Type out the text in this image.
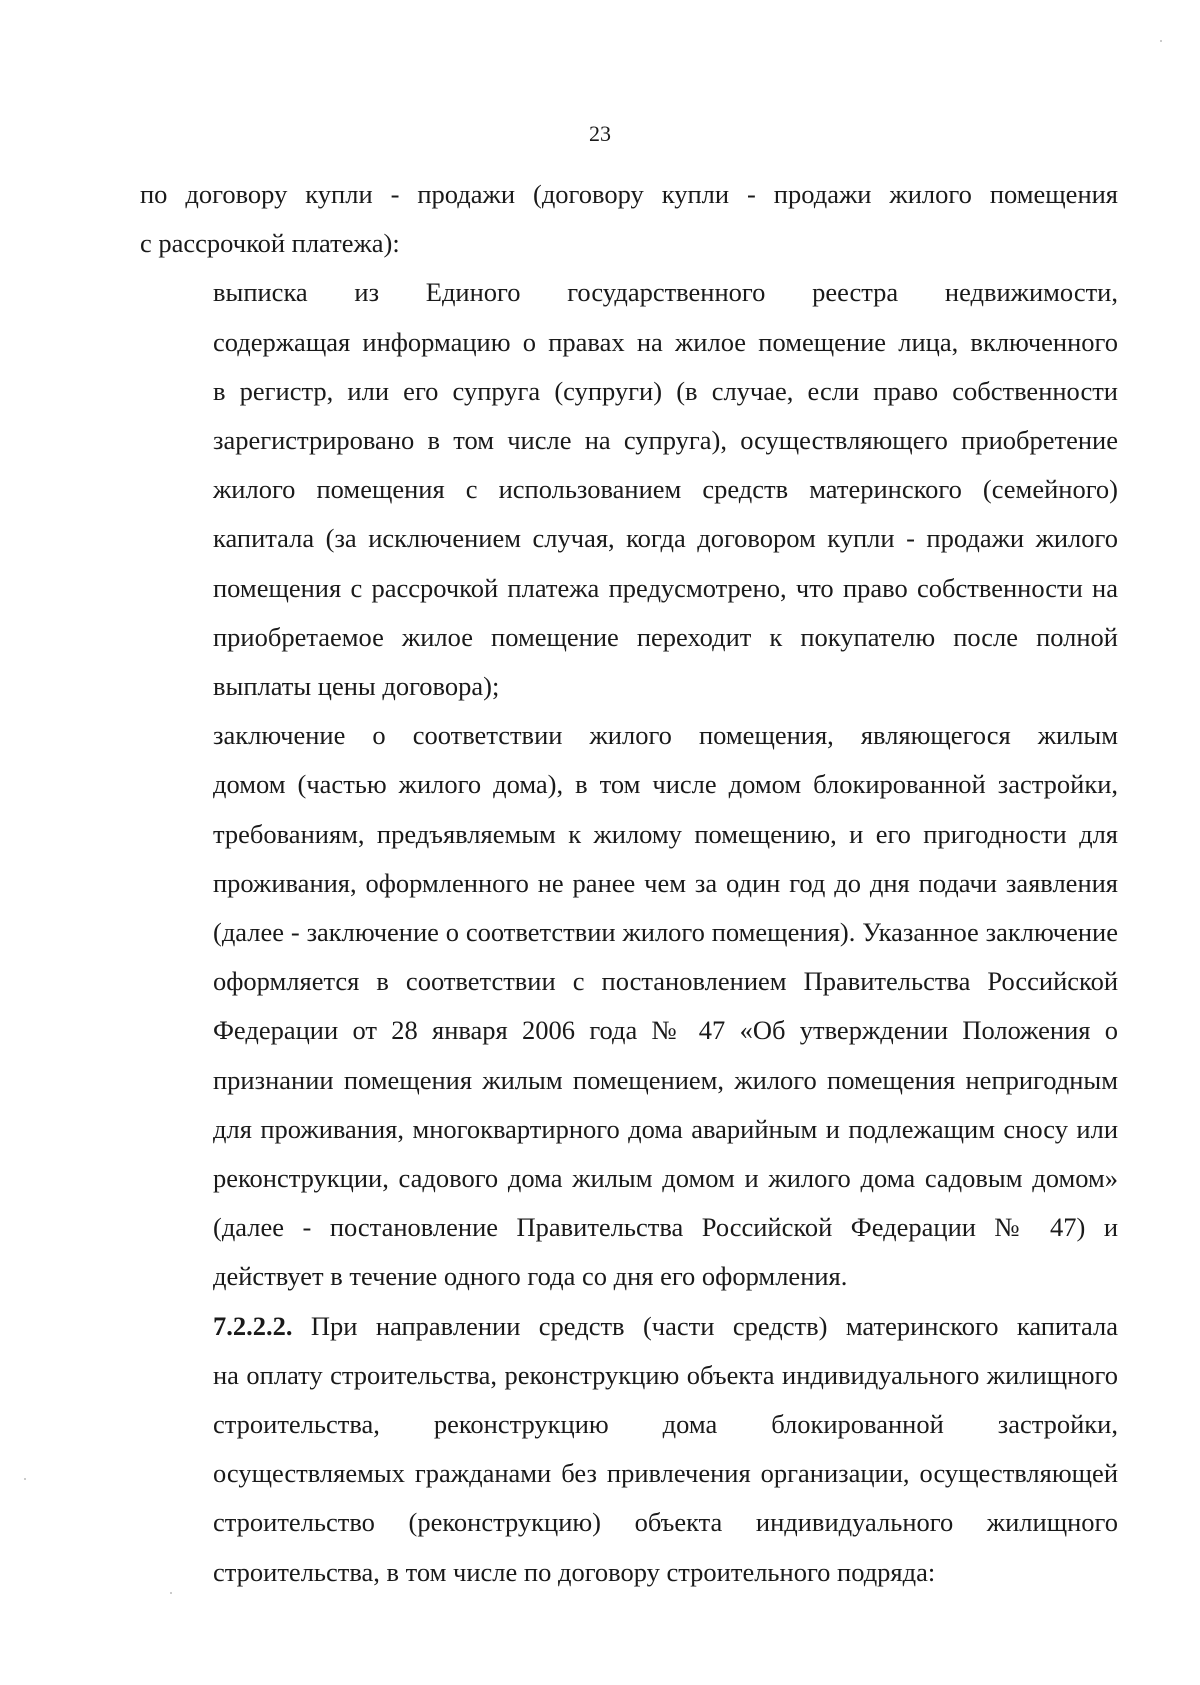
23

по договору купли - продажи (договору купли - продажи жилого помещения
с рассрочкой платежа):

выписка из Единого государственного реестра недвижимости,
содержащая информацию о правах на жилое помещение лица, включенного
в регистр, или его супруга (супруги) (в случае, если право собственности
зарегистрировано в том числе на супруга), осуществляющего приобретение
жилого помещения с использованием средств материнского (семейного)
капитала (за исключением случая, когда договором купли - продажи жилого
помещения с рассрочкой платежа предусмотрено, что право собственности на
приобретаемое жилое помещение переходит к покупателю после полной
выплаты цены договора);

заключение о соответствии жилого помещения, являющегося жилым
домом (частью жилого дома), в том числе домом блокированной застройки,
требованиям, предъявляемым к жилому помещению, и его пригодности для
проживания, оформленного не ранее чем за один год до дня подачи заявления
(далее - заключение о соответствии жилого помещения). Указанное заключение
оформляется в соответствии с постановлением Правительства Российской
Федерации от 28 января 2006 года № 47 «Об утверждении Положения о
признании помещения жилым помещением, жилого помещения непригодным
для проживания, многоквартирного дома аварийным и подлежащим сносу или
реконструкции, садового дома жилым домом и жилого дома садовым домом»
(далее - постановление Правительства Российской Федерации № 47) и
действует в течение одного года со дня его оформления.

7.2.2.2. При направлении средств (части средств) материнского капитала
на оплату строительства, реконструкцию объекта индивидуального жилищного
строительства, реконструкцию дома блокированной застройки,
осуществляемых гражданами без привлечения организации, осуществляющей
строительство (реконструкцию) объекта индивидуального жилищного
строительства, в том числе по договору строительного подряда:
